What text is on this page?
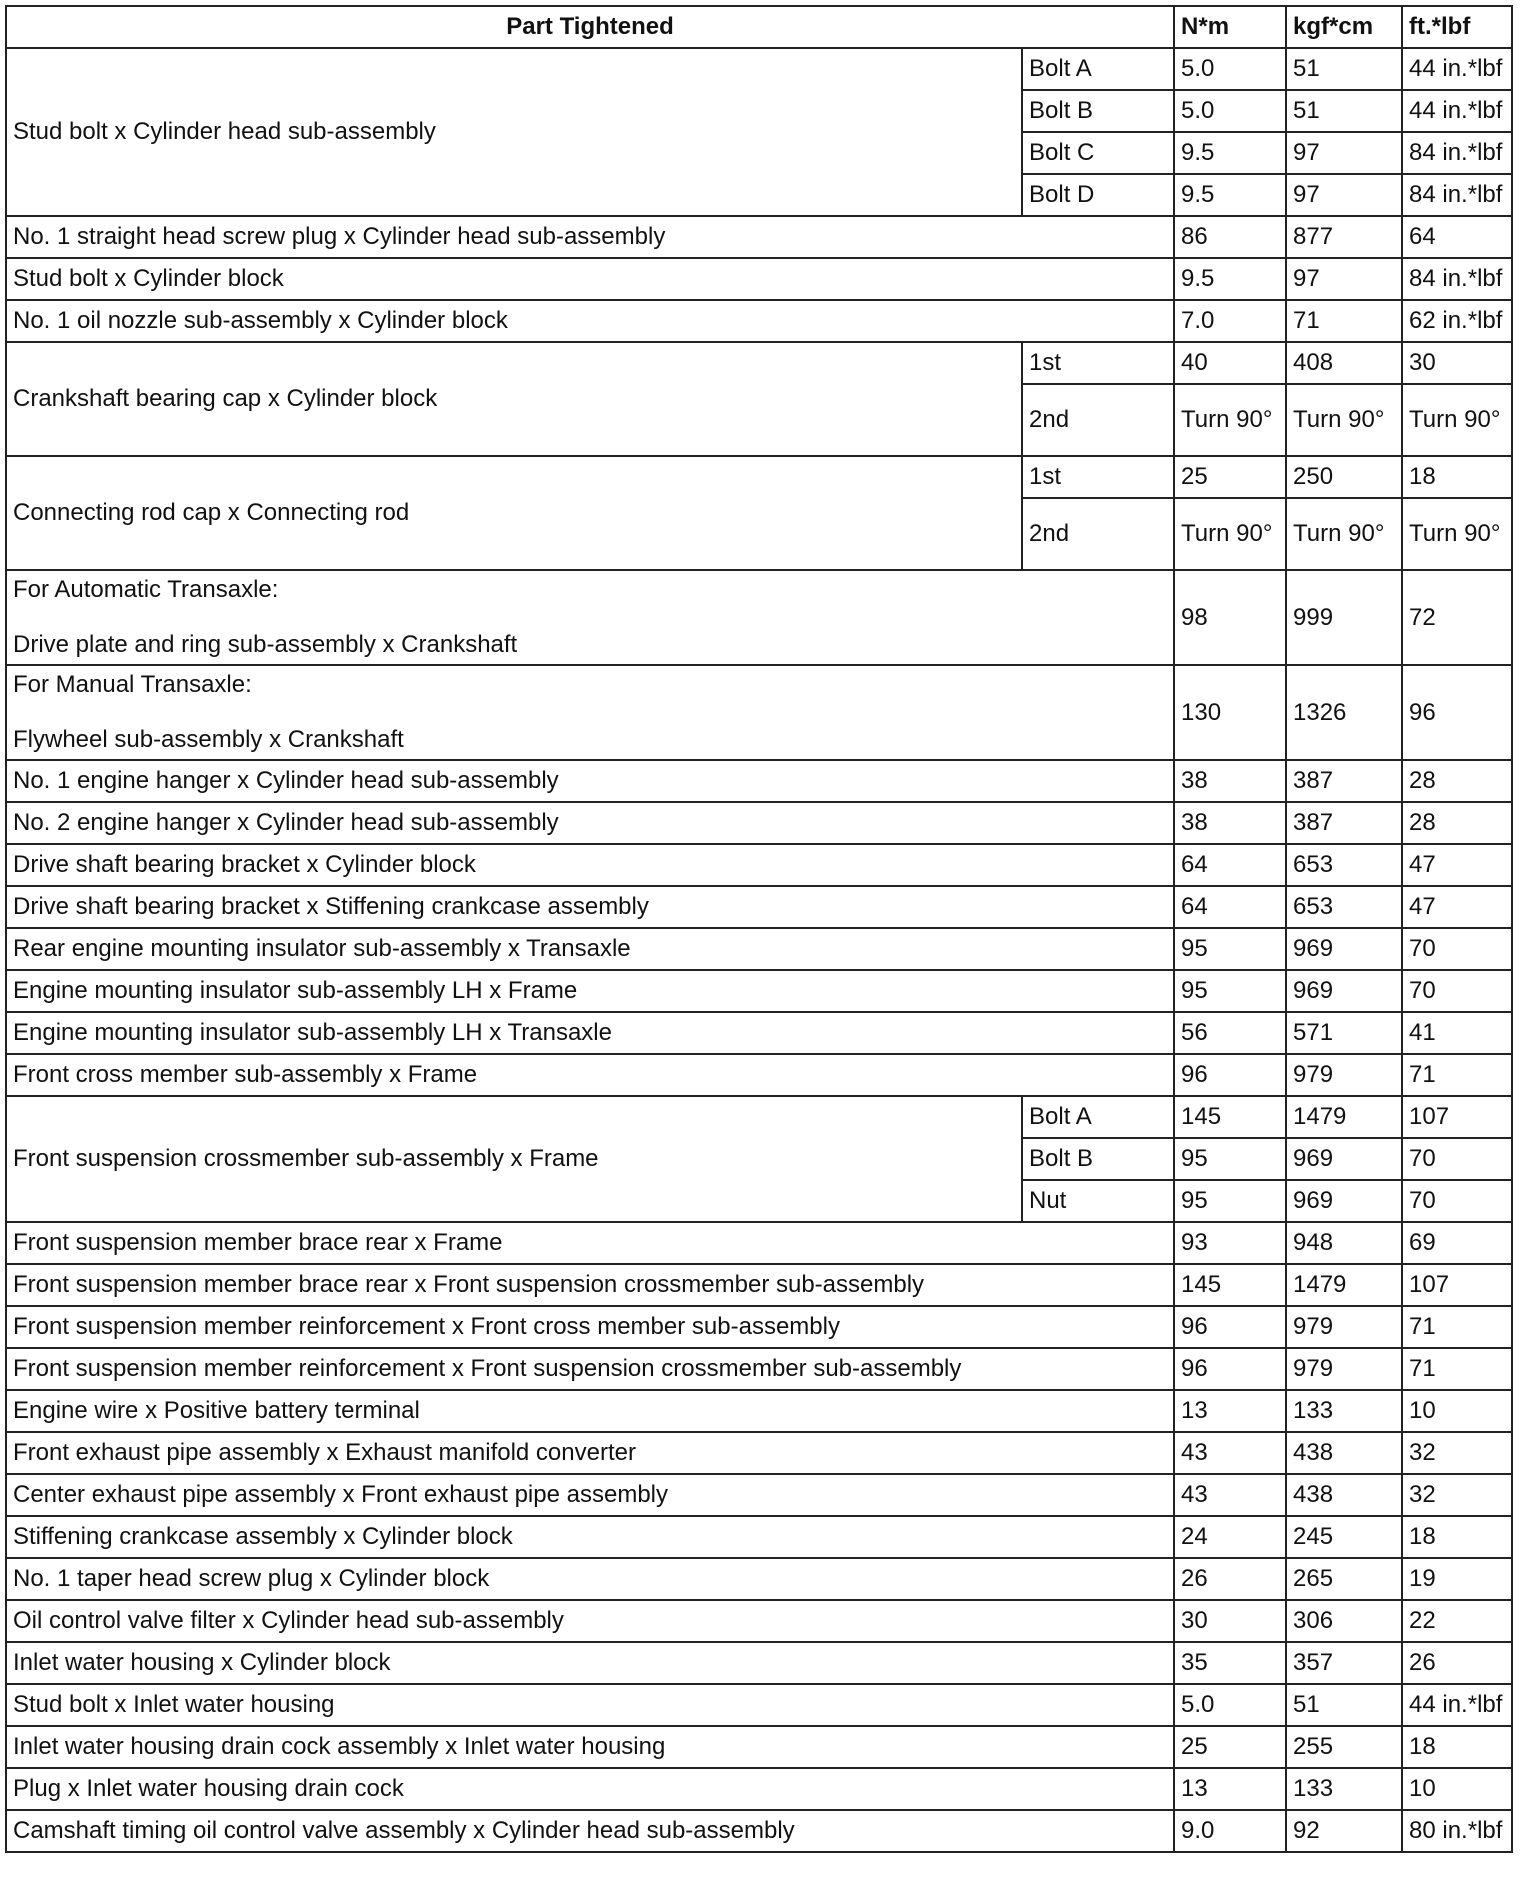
Part Tightened		N*m	kgf*cm	ft.*lbf
Stud bolt x Cylinder head sub-assembly	Bolt A	5.0	51	44 in.*lbf
	Bolt B	5.0	51	44 in.*lbf
	Bolt C	9.5	97	84 in.*lbf
	Bolt D	9.5	97	84 in.*lbf
No. 1 straight head screw plug x Cylinder head sub-assembly		86	877	64
Stud bolt x Cylinder block		9.5	97	84 in.*lbf
No. 1 oil nozzle sub-assembly x Cylinder block		7.0	71	62 in.*lbf
Crankshaft bearing cap x Cylinder block	1st	40	408	30
	2nd	Turn 90°	Turn 90°	Turn 90°
Connecting rod cap x Connecting rod	1st	25	250	18
	2nd	Turn 90°	Turn 90°	Turn 90°

For Automatic Transaxle:
Drive plate and ring sub-assembly x Crankshaft		98	999	72

For Manual Transaxle:
Flywheel sub-assembly x Crankshaft		130	1326	96
No. 1 engine hanger x Cylinder head sub-assembly		38	387	28
No. 2 engine hanger x Cylinder head sub-assembly		38	387	28
Drive shaft bearing bracket x Cylinder block		64	653	47
Drive shaft bearing bracket x Stiffening crankcase assembly		64	653	47
Rear engine mounting insulator sub-assembly x Transaxle		95	969	70
Engine mounting insulator sub-assembly LH x Frame		95	969	70
Engine mounting insulator sub-assembly LH x Transaxle		56	571	41
Front cross member sub-assembly x Frame		96	979	71
Front suspension crossmember sub-assembly x Frame	Bolt A	145	1479	107
	Bolt B	95	969	70
	Nut	95	969	70
Front suspension member brace rear x Frame		93	948	69
Front suspension member brace rear x Front suspension crossmember sub-assembly		145	1479	107
Front suspension member reinforcement x Front cross member sub-assembly		96	979	71
Front suspension member reinforcement x Front suspension crossmember sub-assembly		96	979	71
Engine wire x Positive battery terminal		13	133	10
Front exhaust pipe assembly x Exhaust manifold converter		43	438	32
Center exhaust pipe assembly x Front exhaust pipe assembly		43	438	32
Stiffening crankcase assembly x Cylinder block		24	245	18
No. 1 taper head screw plug x Cylinder block		26	265	19
Oil control valve filter x Cylinder head sub-assembly		30	306	22
Inlet water housing x Cylinder block		35	357	26
Stud bolt x Inlet water housing		5.0	51	44 in.*lbf
Inlet water housing drain cock assembly x Inlet water housing		25	255	18
Plug x Inlet water housing drain cock		13	133	10
Camshaft timing oil control valve assembly x Cylinder head sub-assembly		9.0	92	80 in.*lbf
